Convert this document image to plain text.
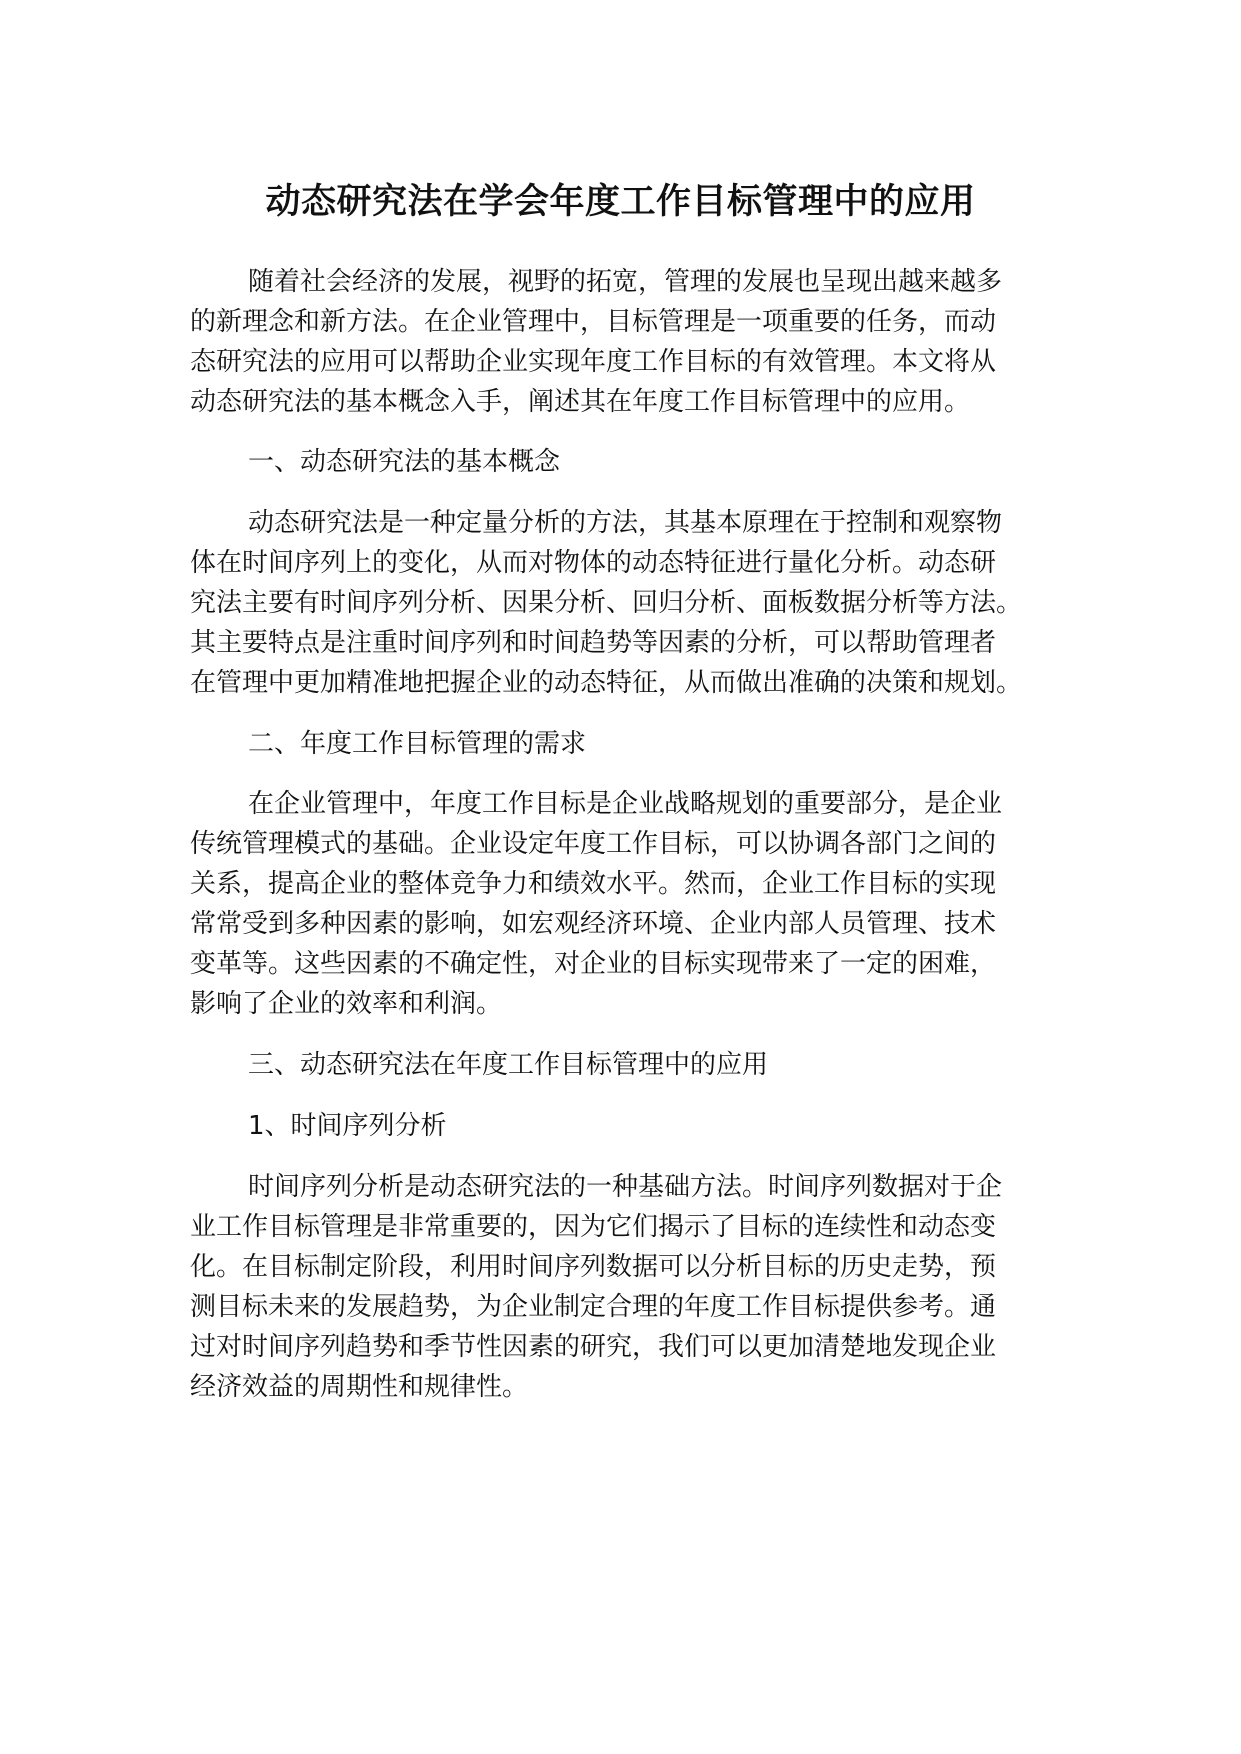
动态研究法在学会年度工作目标管理中的应用

随着社会经济的发展，视野的拓宽，管理的发展也呈现出越来越多

的新理念和新方法。在企业管理中，目标管理是一项重要的任务，而动

态研究法的应用可以帮助企业实现年度工作目标的有效管理。本文将从

动态研究法的基本概念入手，阐述其在年度工作目标管理中的应用。

一、动态研究法的基本概念

动态研究法是一种定量分析的方法，其基本原理在于控制和观察物

体在时间序列上的变化，从而对物体的动态特征进行量化分析。动态研

究法主要有时间序列分析、因果分析、回归分析、面板数据分析等方法。

其主要特点是注重时间序列和时间趋势等因素的分析，可以帮助管理者

在管理中更加精准地把握企业的动态特征，从而做出准确的决策和规划。

二、年度工作目标管理的需求

在企业管理中，年度工作目标是企业战略规划的重要部分，是企业

传统管理模式的基础。企业设定年度工作目标，可以协调各部门之间的

关系，提高企业的整体竞争力和绩效水平。然而，企业工作目标的实现

常常受到多种因素的影响，如宏观经济环境、企业内部人员管理、技术

变革等。这些因素的不确定性，对企业的目标实现带来了一定的困难，

影响了企业的效率和利润。

三、动态研究法在年度工作目标管理中的应用

1、时间序列分析

时间序列分析是动态研究法的一种基础方法。时间序列数据对于企

业工作目标管理是非常重要的，因为它们揭示了目标的连续性和动态变

化。在目标制定阶段，利用时间序列数据可以分析目标的历史走势，预

测目标未来的发展趋势，为企业制定合理的年度工作目标提供参考。通

过对时间序列趋势和季节性因素的研究，我们可以更加清楚地发现企业

经济效益的周期性和规律性。
